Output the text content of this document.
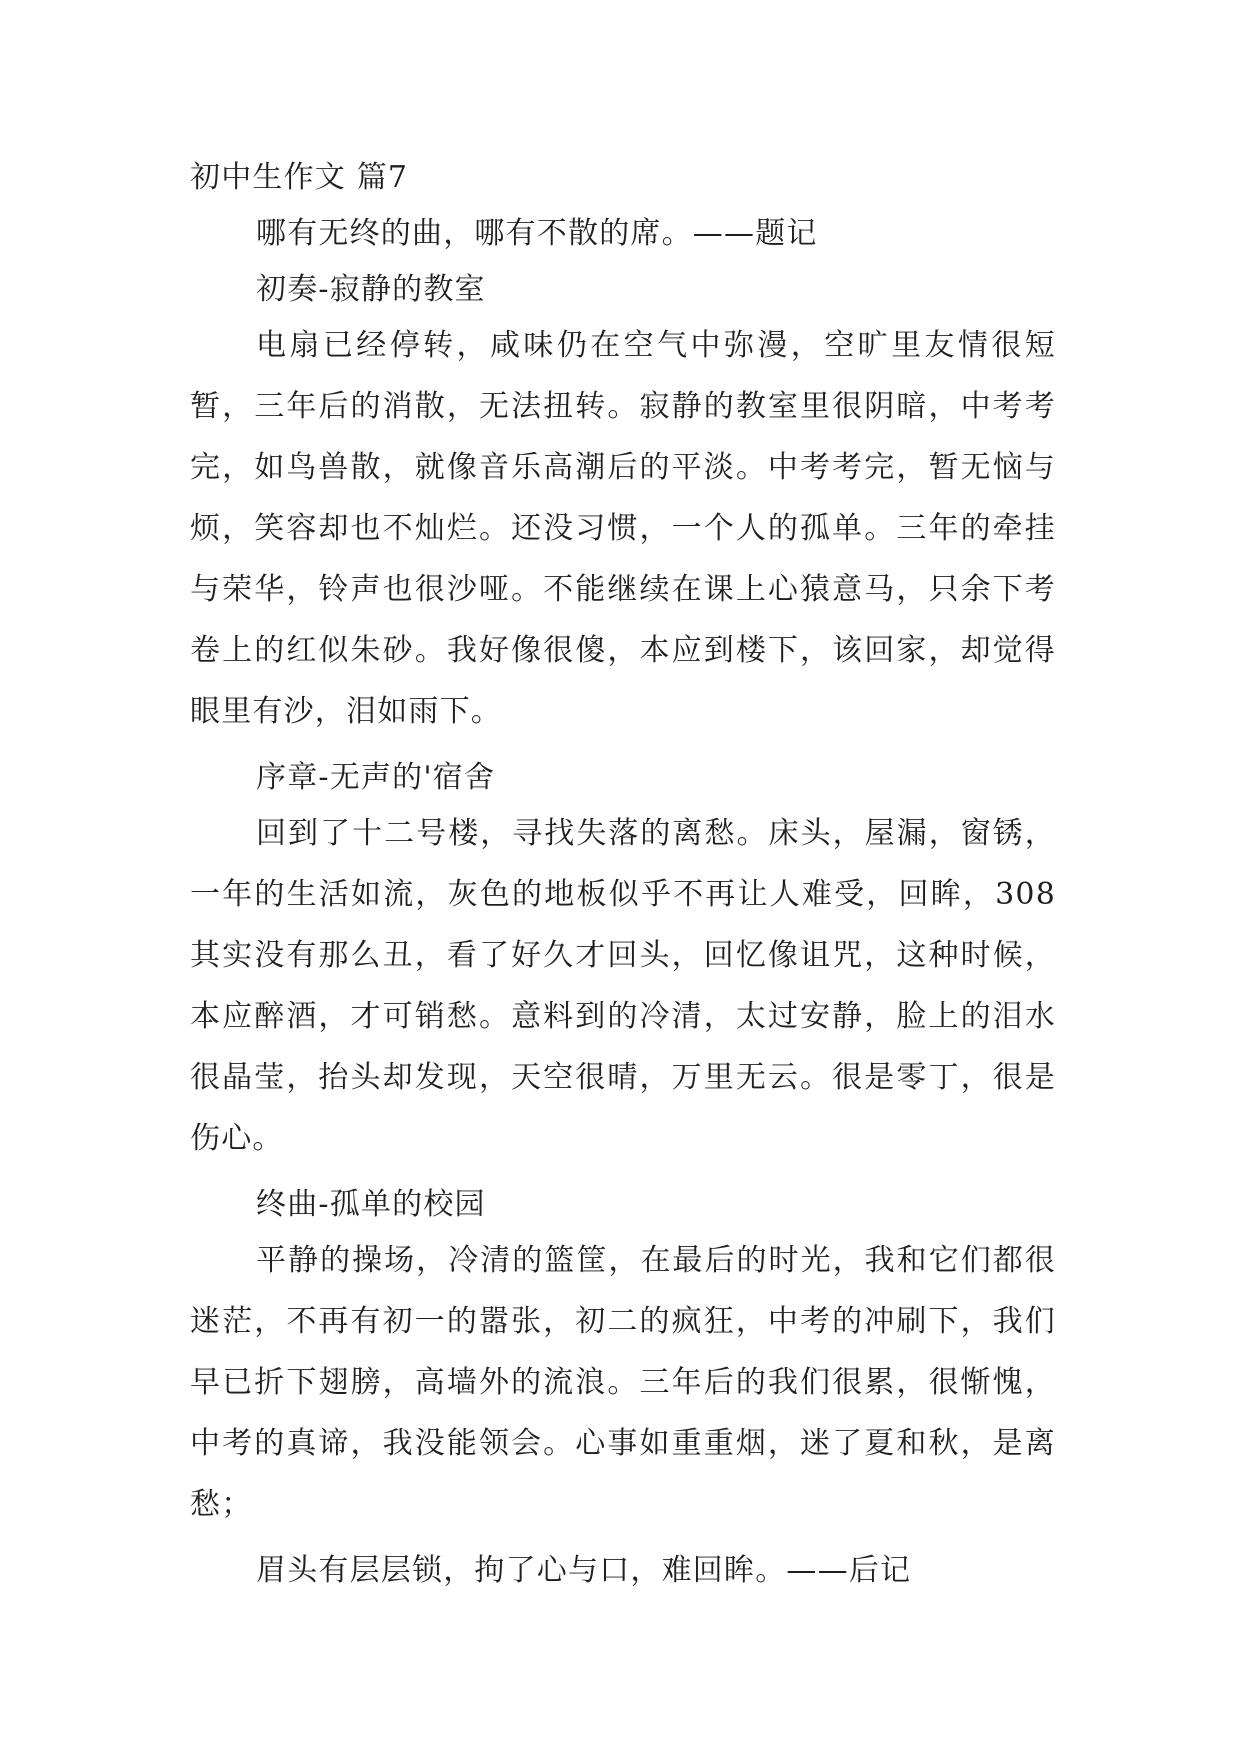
初中生作文 篇7
哪有无终的曲，哪有不散的席。——题记
初奏-寂静的教室

电扇已经停转，咸味仍在空气中弥漫，空旷里友情很短暂，三年后的消散，无法扭转。寂静的教室里很阴暗，中考考完，如鸟兽散，就像音乐高潮后的平淡。中考考完，暂无恼与烦，笑容却也不灿烂。还没习惯，一个人的孤单。三年的牵挂与荣华，铃声也很沙哑。不能继续在课上心猿意马，只余下考卷上的红似朱砂。我好像很傻，本应到楼下，该回家，却觉得眼里有沙，泪如雨下。

序章-无声的'宿舍

回到了十二号楼，寻找失落的离愁。床头，屋漏，窗锈，一年的生活如流，灰色的地板似乎不再让人难受，回眸，308其实没有那么丑，看了好久才回头，回忆像诅咒，这种时候，本应醉酒，才可销愁。意料到的冷清，太过安静，脸上的泪水很晶莹，抬头却发现，天空很晴，万里无云。很是零丁，很是伤心。

终曲-孤单的校园

平静的操场，冷清的篮筐，在最后的时光，我和它们都很迷茫，不再有初一的嚣张，初二的疯狂，中考的冲刷下，我们早已折下翅膀，高墙外的流浪。三年后的我们很累，很惭愧，中考的真谛，我没能领会。心事如重重烟，迷了夏和秋，是离愁；

眉头有层层锁，拘了心与口，难回眸。——后记
